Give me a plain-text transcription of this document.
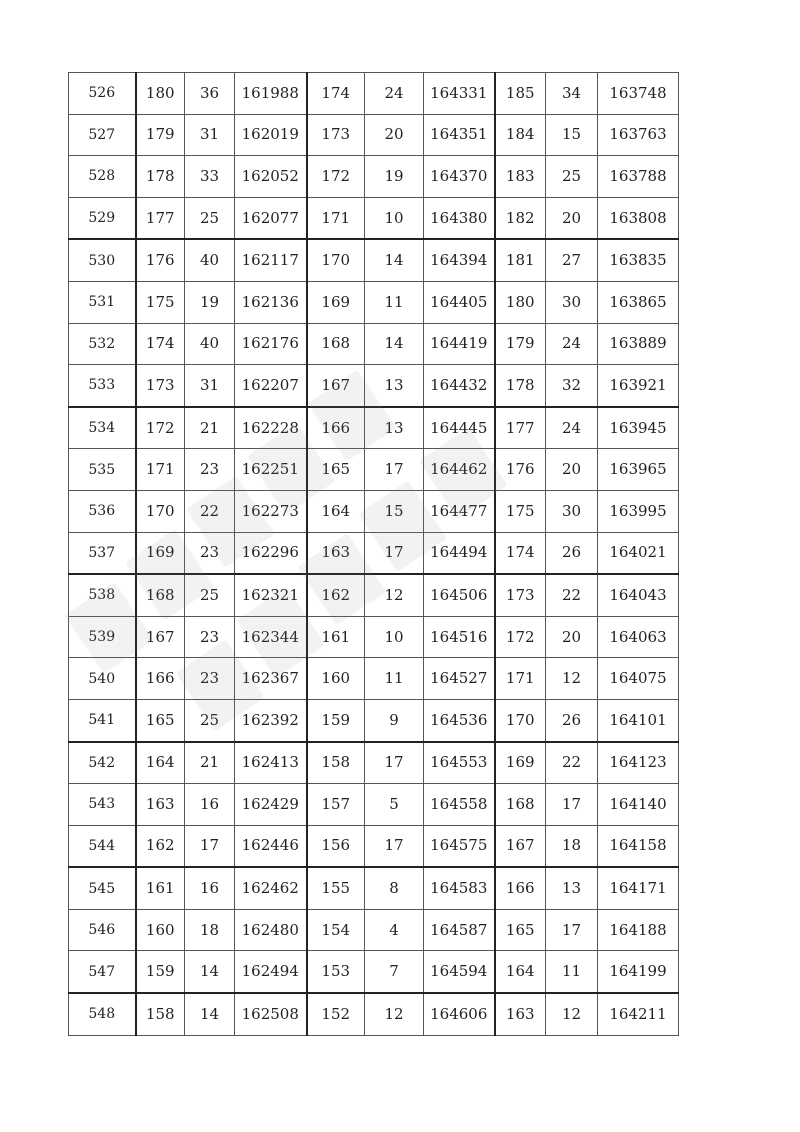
526	180	36	161988	174	24	164331	185	34	163748
527	179	31	162019	173	20	164351	184	15	163763
528	178	33	162052	172	19	164370	183	25	163788
529	177	25	162077	171	10	164380	182	20	163808
530	176	40	162117	170	14	164394	181	27	163835
531	175	19	162136	169	11	164405	180	30	163865
532	174	40	162176	168	14	164419	179	24	163889
533	173	31	162207	167	13	164432	178	32	163921
534	172	21	162228	166	13	164445	177	24	163945
535	171	23	162251	165	17	164462	176	20	163965
536	170	22	162273	164	15	164477	175	30	163995
537	169	23	162296	163	17	164494	174	26	164021
538	168	25	162321	162	12	164506	173	22	164043
539	167	23	162344	161	10	164516	172	20	164063
540	166	23	162367	160	11	164527	171	12	164075
541	165	25	162392	159	9	164536	170	26	164101
542	164	21	162413	158	17	164553	169	22	164123
543	163	16	162429	157	5	164558	168	17	164140
544	162	17	162446	156	17	164575	167	18	164158
545	161	16	162462	155	8	164583	166	13	164171
546	160	18	162480	154	4	164587	165	17	164188
547	159	14	162494	153	7	164594	164	11	164199
548	158	14	162508	152	12	164606	163	12	164211
